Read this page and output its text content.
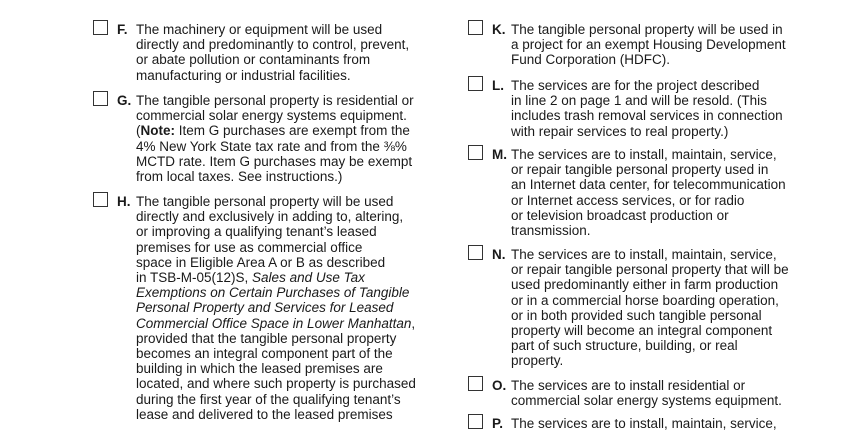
F. The machinery or equipment will be used
directly and predominantly to control, prevent,
or abate pollution or contaminants from
manufacturing or industrial facilities.
G. The tangible personal property is residential or
commercial solar energy systems equipment.
(Note: Item G purchases are exempt from the
4% New York State tax rate and from the ⅜%
MCTD rate. Item G purchases may be exempt
from local taxes. See instructions.)
H. The tangible personal property will be used
directly and exclusively in adding to, altering,
or improving a qualifying tenant’s leased
premises for use as commercial office
space in Eligible Area A or B as described
in TSB-M-05(12)S, Sales and Use Tax
Exemptions on Certain Purchases of Tangible
Personal Property and Services for Leased
Commercial Office Space in Lower Manhattan,
provided that the tangible personal property
becomes an integral component part of the
building in which the leased premises are
located, and where such property is purchased
during the first year of the qualifying tenant’s
lease and delivered to the leased premises
K. The tangible personal property will be used in
a project for an exempt Housing Development
Fund Corporation (HDFC).
L. The services are for the project described
in line 2 on page 1 and will be resold. (This
includes trash removal services in connection
with repair services to real property.)
M. The services are to install, maintain, service,
or repair tangible personal property used in
an Internet data center, for telecommunication
or Internet access services, or for radio
or television broadcast production or
transmission.
N. The services are to install, maintain, service,
or repair tangible personal property that will be
used predominantly either in farm production
or in a commercial horse boarding operation,
or in both provided such tangible personal
property will become an integral component
part of such structure, building, or real
property.
O. The services are to install residential or
commercial solar energy systems equipment.
P. The services are to install, maintain, service,
